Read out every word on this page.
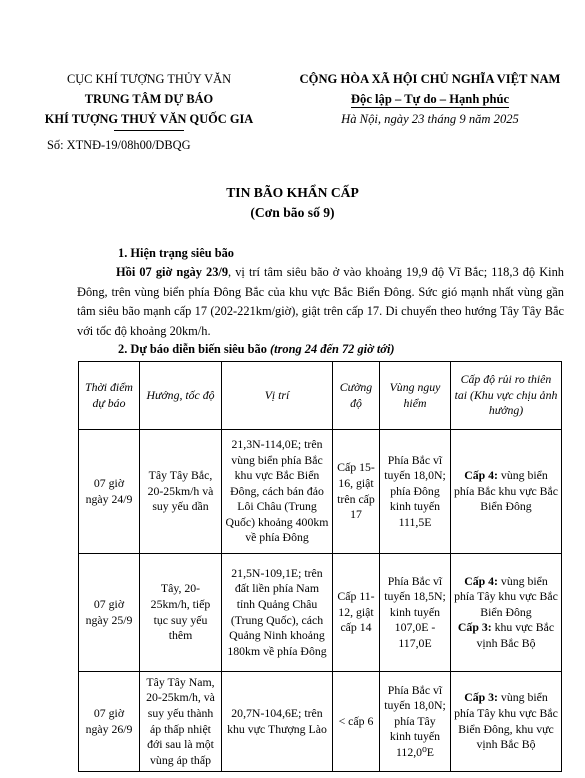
CỤC KHÍ TƯỢNG THỦY VĂN
TRUNG TÂM DỰ BÁO
KHÍ TƯỢNG THUỶ VĂN QUỐC GIA
CỘNG HÒA XÃ HỘI CHỦ NGHĨA VIỆT NAM
Độc lập – Tự do – Hạnh phúc
Hà Nội, ngày 23 tháng 9 năm 2025
Số: XTNĐ-19/08h00/DBQG
TIN BÃO KHẨN CẤP
(Cơn bão số 9)
1. Hiện trạng siêu bão
Hồi 07 giờ ngày 23/9, vị trí tâm siêu bão ở vào khoảng 19,9 độ Vĩ Bắc; 118,3 độ Kinh Đông, trên vùng biển phía Đông Bắc của khu vực Bắc Biển Đông. Sức gió mạnh nhất vùng gần tâm siêu bão mạnh cấp 17 (202-221km/giờ), giật trên cấp 17. Di chuyển theo hướng Tây Tây Bắc với tốc độ khoảng 20km/h.
2. Dự báo diễn biến siêu bão (trong 24 đến 72 giờ tới)
Thời điểm dự báo	Hướng, tốc độ	Vị trí	Cường độ	Vùng nguy hiểm	Cấp độ rủi ro thiên tai (Khu vực chịu ảnh hưởng)
07 giờ ngày 24/9	Tây Tây Bắc, 20-25km/h và suy yếu dần	21,3N-114,0E; trên vùng biển phía Bắc khu vực Bắc Biển Đông, cách bán đảo Lôi Châu (Trung Quốc) khoảng 400km về phía Đông	Cấp 15-16, giật trên cấp 17	Phía Bắc vĩ tuyến 18,0N; phía Đông kinh tuyến 111,5E	Cấp 4: vùng biển phía Bắc khu vực Bắc Biển Đông
07 giờ ngày 25/9	Tây, 20-25km/h, tiếp tục suy yếu thêm	21,5N-109,1E; trên đất liền phía Nam tỉnh Quảng Châu (Trung Quốc), cách Quảng Ninh khoảng 180km về phía Đông	Cấp 11-12, giật cấp 14	Phía Bắc vĩ tuyến 18,5N; kinh tuyến 107,0E - 117,0E	Cấp 4: vùng biển phía Tây khu vực Bắc Biển Đông
Cấp 3: khu vực Bắc vịnh Bắc Bộ

07 giờ ngày 26/9	Tây Tây Nam, 20-25km/h, và suy yếu thành áp thấp nhiệt đới sau là một vùng áp thấp	20,7N-104,6E; trên khu vực Thượng Lào	< cấp 6	Phía Bắc vĩ tuyến 18,0N; phía Tây kinh tuyến 112,0⁰E	Cấp 3: vùng biển phía Tây khu vực Bắc Biển Đông, khu vực vịnh Bắc Bộ
